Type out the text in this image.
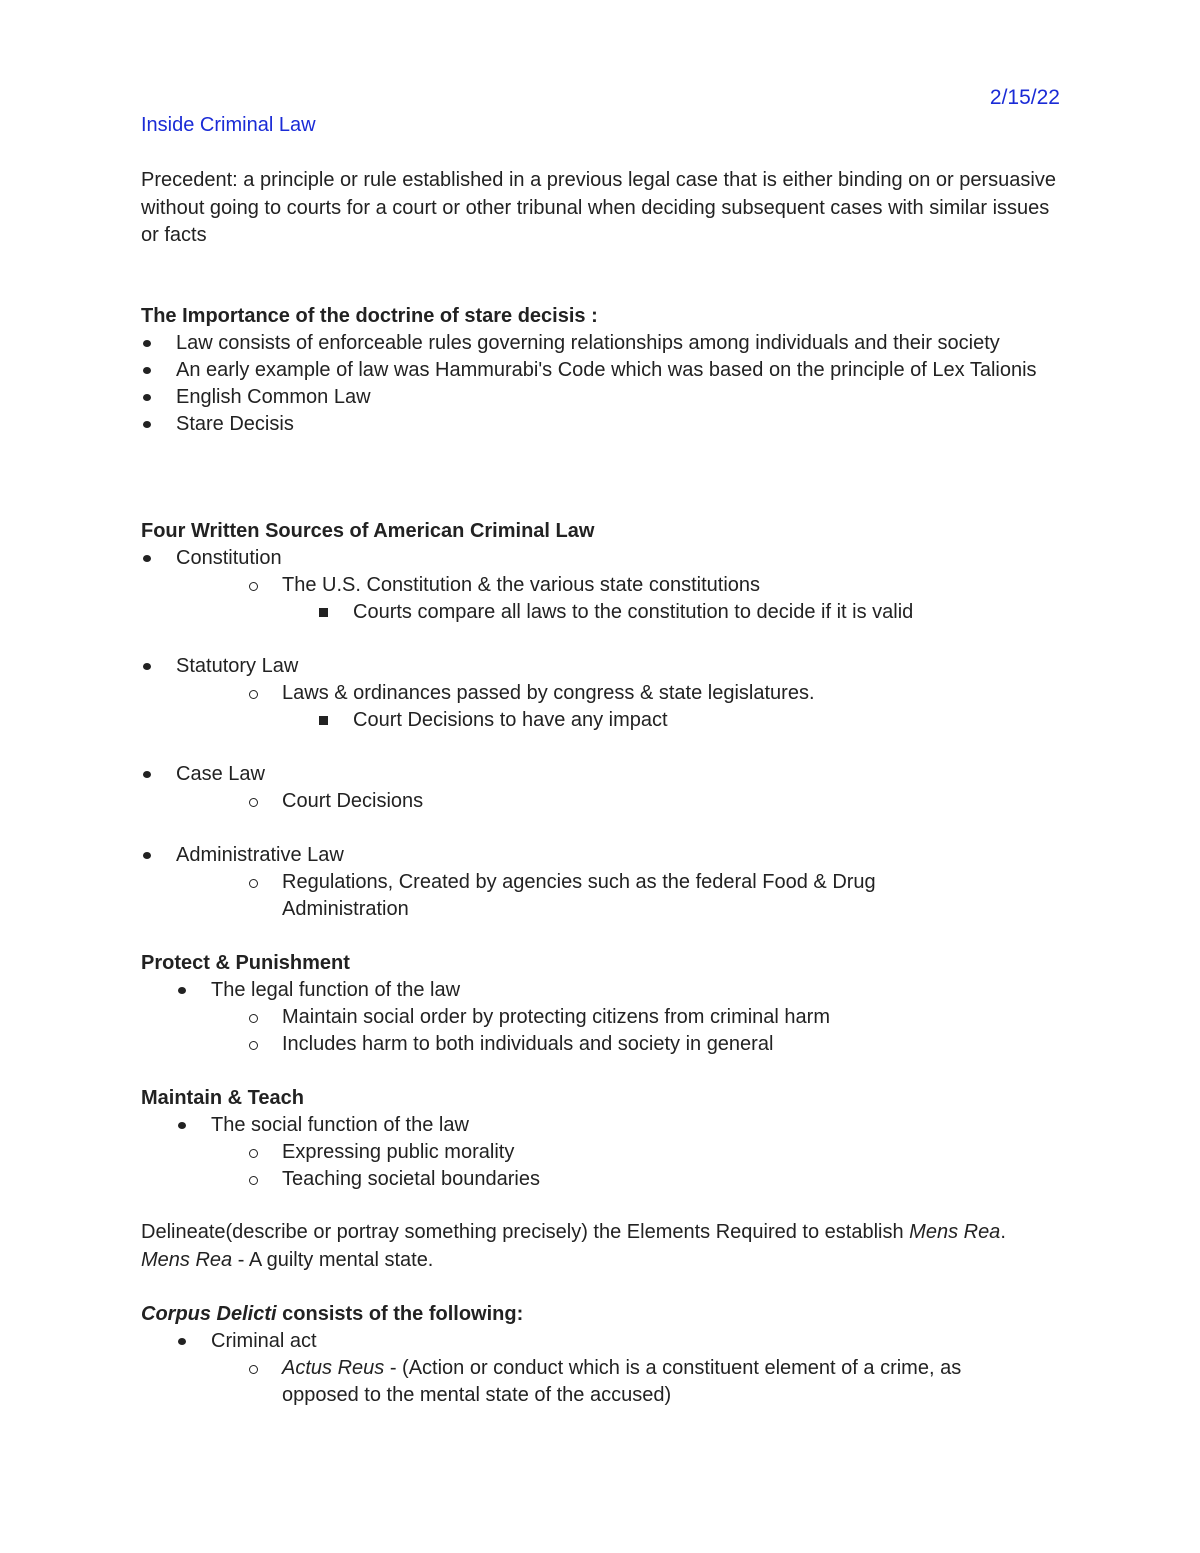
2/15/22
Inside Criminal Law
Precedent: a principle or rule established in a previous legal case that is either binding on or persuasive without going to courts for a court or other tribunal when deciding subsequent cases with similar issues or facts
The Importance of the doctrine of stare decisis :
Law consists of enforceable rules governing relationships among individuals and their society
An early example of law was Hammurabi's Code which was based on the principle of Lex Talionis
English Common Law
Stare Decisis
Four Written Sources of American Criminal Law
Constitution
The U.S. Constitution & the various state constitutions
Courts compare all laws to the constitution to decide if it is valid
Statutory Law
Laws & ordinances passed by congress & state legislatures.
Court Decisions to have any impact
Case Law
Court Decisions
Administrative Law
Regulations, Created by agencies such as the federal Food & Drug Administration
Protect & Punishment
The legal function of the law
Maintain social order by protecting citizens from criminal harm
Includes harm to both individuals and society in general
Maintain & Teach
The social function of the law
Expressing public morality
Teaching societal boundaries
Delineate(describe or portray something precisely) the Elements Required to establish Mens Rea.
Mens Rea - A guilty mental state.
Corpus Delicti consists of the following:
Criminal act
Actus Reus - (Action or conduct which is a constituent element of a crime, as opposed to the mental state of the accused)
